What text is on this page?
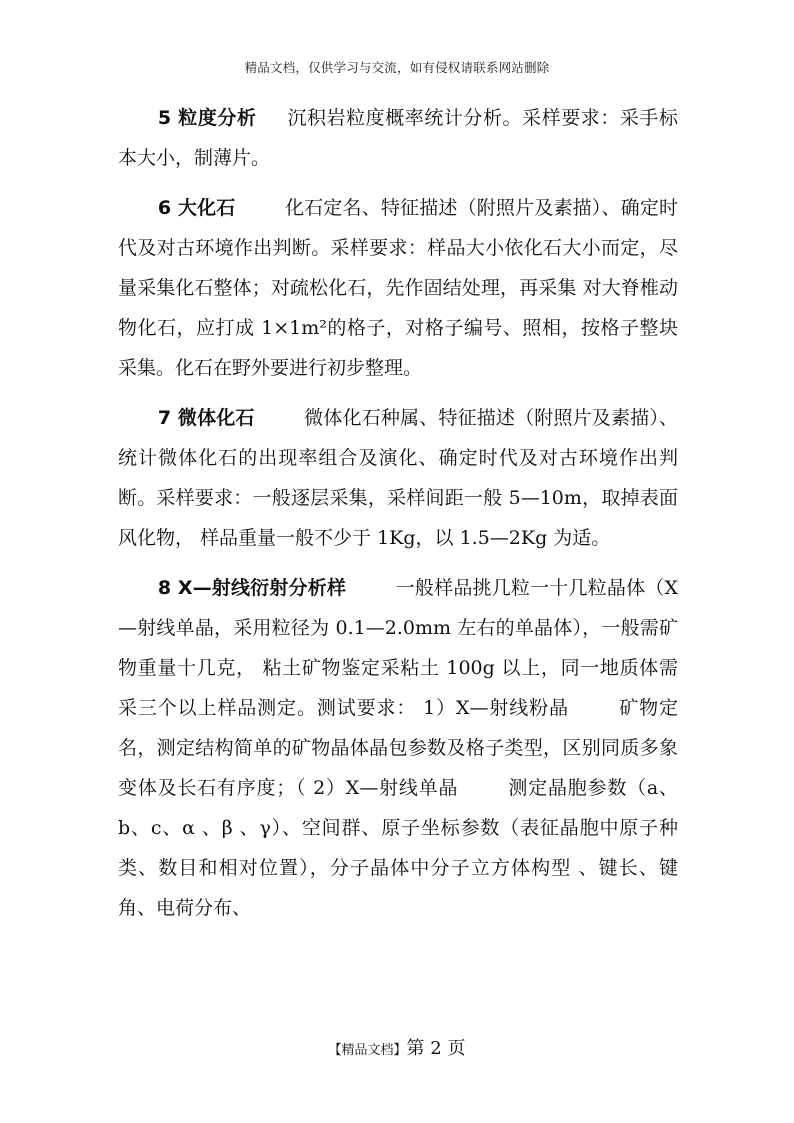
精品文档，仅供学习与交流，如有侵权请联系网站删除

5 粒度分析 沉积岩粒度概率统计分析。采样要求：采手标本大小，制薄片。

6 大化石	化石定名、特征描述（附照片及素描）、确定时代及对古环境作出判断。采样要求：样品大小依化石大小而定，尽量采集化石整体；对疏松化石，先作固结处理，再采集 对大脊椎动物化石，应打成 1×1m²的格子，对格子编号、照相，按格子整块采集。化石在野外要进行初步整理。

7 微体化石	微体化石种属、特征描述（附照片及素描）、统计微体化石的出现率组合及演化、确定时代及对古环境作出判断。采样要求：一般逐层采集，采样间距一般 5—10m，取掉表面风化物， 样品重量一般不少于 1Kg，以 1.5—2Kg 为适。

8 X—射线衍射分析样	一般样品挑几粒一十几粒晶体（X—射线单晶，采用粒径为 0.1—2.0mm 左右的单晶体），一般需矿物重量十几克， 粘土矿物鉴定采粘土 100g 以上，同一地质体需采三个以上样品测定。测试要求： 1）X—射线粉晶	矿物定名，测定结构简单的矿物晶体晶包参数及格子类型，区别同质多象变体及长石有序度；（ 2）X—射线单晶	测定晶胞参数（a、b、c、α 、β 、γ）、空间群、原子坐标参数（表征晶胞中原子种类、数目和相对位置），分子晶体中分子立方体构型 、键长、键角、电荷分布、

【精品文档】第 2 页
